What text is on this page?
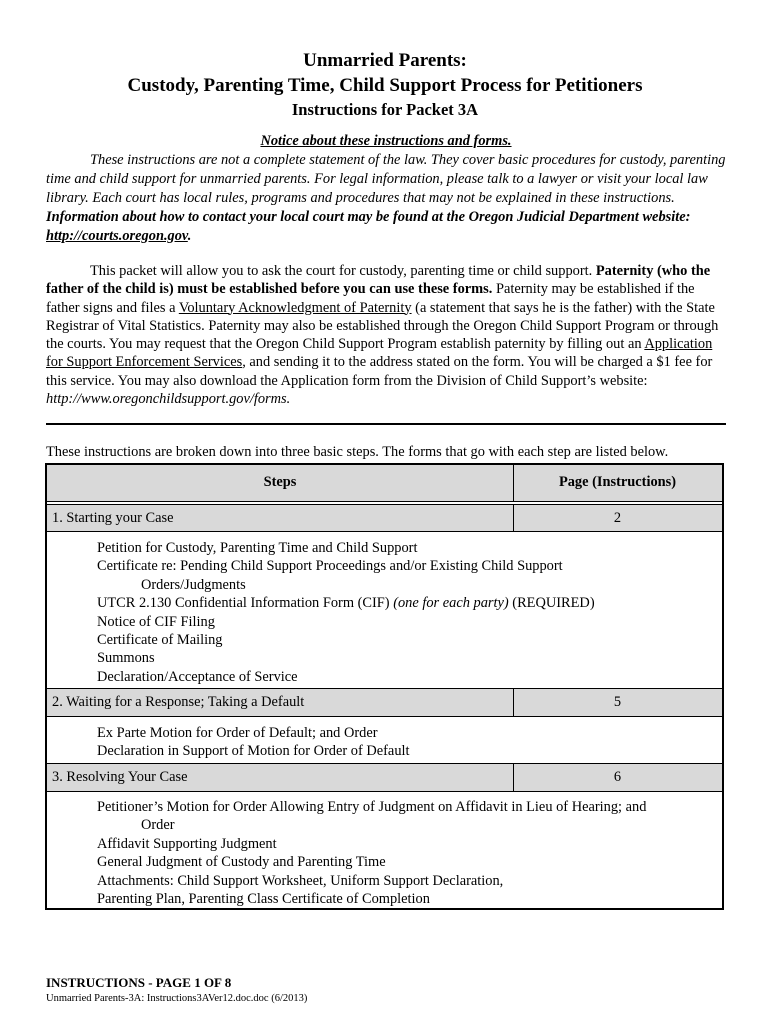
Unmarried Parents:
Custody, Parenting Time, Child Support Process for Petitioners
Instructions for Packet 3A
Notice about these instructions and forms.
These instructions are not a complete statement of the law. They cover basic procedures for custody, parenting time and child support for unmarried parents. For legal information, please talk to a lawyer or visit your local law library. Each court has local rules, programs and procedures that may not be explained in these instructions. Information about how to contact your local court may be found at the Oregon Judicial Department website: http://courts.oregon.gov.
This packet will allow you to ask the court for custody, parenting time or child support. Paternity (who the father of the child is) must be established before you can use these forms. Paternity may be established if the father signs and files a Voluntary Acknowledgment of Paternity (a statement that says he is the father) with the State Registrar of Vital Statistics. Paternity may also be established through the Oregon Child Support Program or through the courts. You may request that the Oregon Child Support Program establish paternity by filling out an Application for Support Enforcement Services, and sending it to the address stated on the form. You will be charged a $1 fee for this service. You may also download the Application form from the Division of Child Support’s website: http://www.oregonchildsupport.gov/forms.
These instructions are broken down into three basic steps. The forms that go with each step are listed below.
Steps	Page (Instructions)
1. Starting your Case	2
Petition for Custody, Parenting Time and Child Support
Certificate re: Pending Child Support Proceedings and/or Existing Child Support
Orders/Judgments
UTCR 2.130 Confidential Information Form (CIF) (one for each party) (REQUIRED)
Notice of CIF Filing
Certificate of Mailing
Summons
Declaration/Acceptance of Service
2. Waiting for a Response; Taking a Default	5
Ex Parte Motion for Order of Default; and Order
Declaration in Support of Motion for Order of Default
3. Resolving Your Case	6
Petitioner’s Motion for Order Allowing Entry of Judgment on Affidavit in Lieu of Hearing; and
Order
Affidavit Supporting Judgment
General Judgment of Custody and Parenting Time
Attachments: Child Support Worksheet, Uniform Support Declaration,
Parenting Plan, Parenting Class Certificate of Completion
INSTRUCTIONS - PAGE 1 OF 8
Unmarried Parents-3A: Instructions3AVer12.doc.doc (6/2013)
